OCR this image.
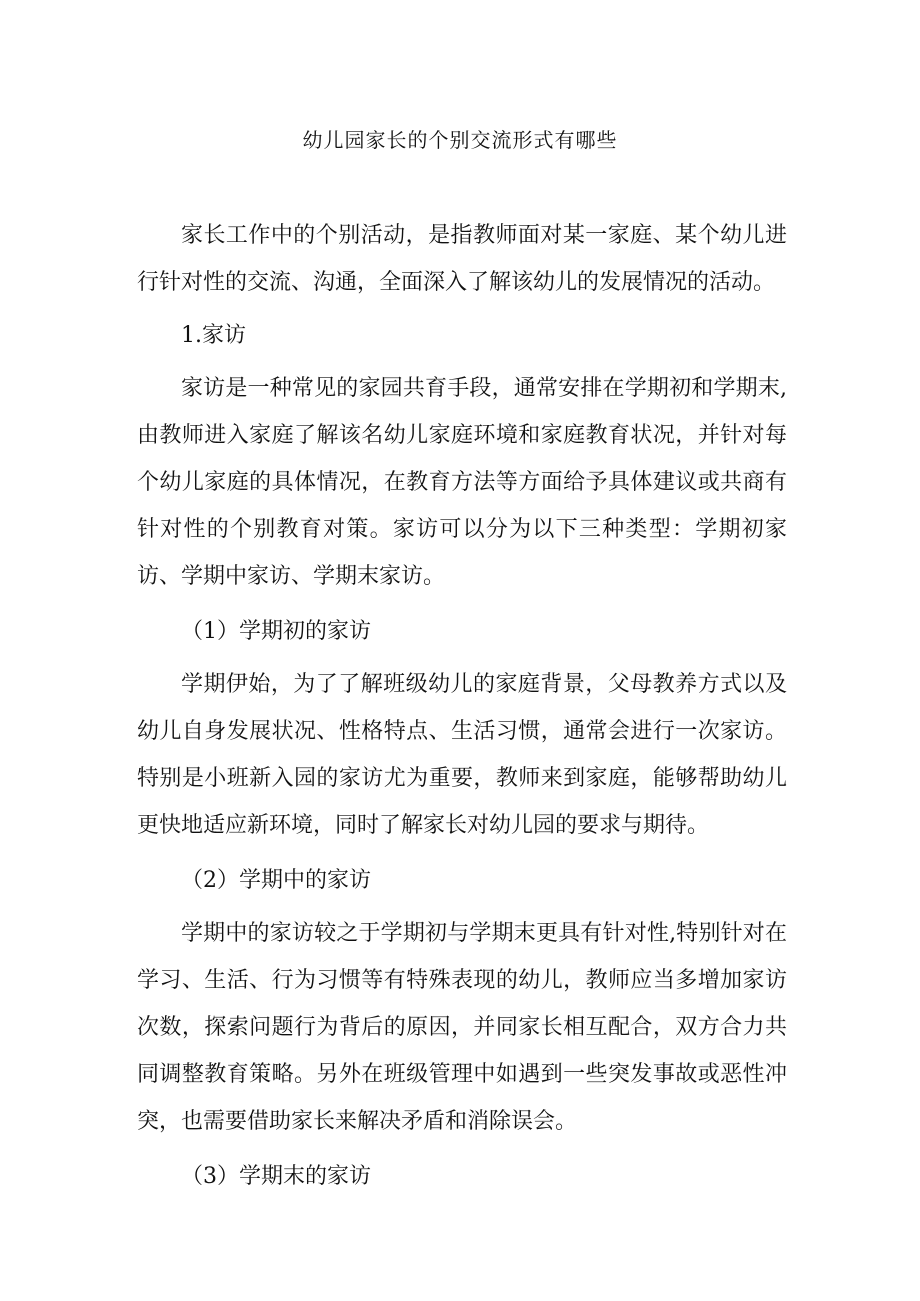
幼儿园家长的个别交流形式有哪些

家长工作中的个别活动，是指教师面对某一家庭、某个幼儿进行针对性的交流、沟通，全面深入了解该幼儿的发展情况的活动。

1.家访

家访是一种常见的家园共育手段，通常安排在学期初和学期末,由教师进入家庭了解该名幼儿家庭环境和家庭教育状况，并针对每个幼儿家庭的具体情况，在教育方法等方面给予具体建议或共商有针对性的个别教育对策。家访可以分为以下三种类型：学期初家访、学期中家访、学期末家访。

（1）学期初的家访

学期伊始，为了了解班级幼儿的家庭背景，父母教养方式以及幼儿自身发展状况、性格特点、生活习惯，通常会进行一次家访。特别是小班新入园的家访尤为重要，教师来到家庭，能够帮助幼儿更快地适应新环境，同时了解家长对幼儿园的要求与期待。

（2）学期中的家访

学期中的家访较之于学期初与学期末更具有针对性,特别针对在学习、生活、行为习惯等有特殊表现的幼儿，教师应当多增加家访次数，探索问题行为背后的原因，并同家长相互配合，双方合力共同调整教育策略。另外在班级管理中如遇到一些突发事故或恶性冲突，也需要借助家长来解决矛盾和消除误会。

（3）学期末的家访
